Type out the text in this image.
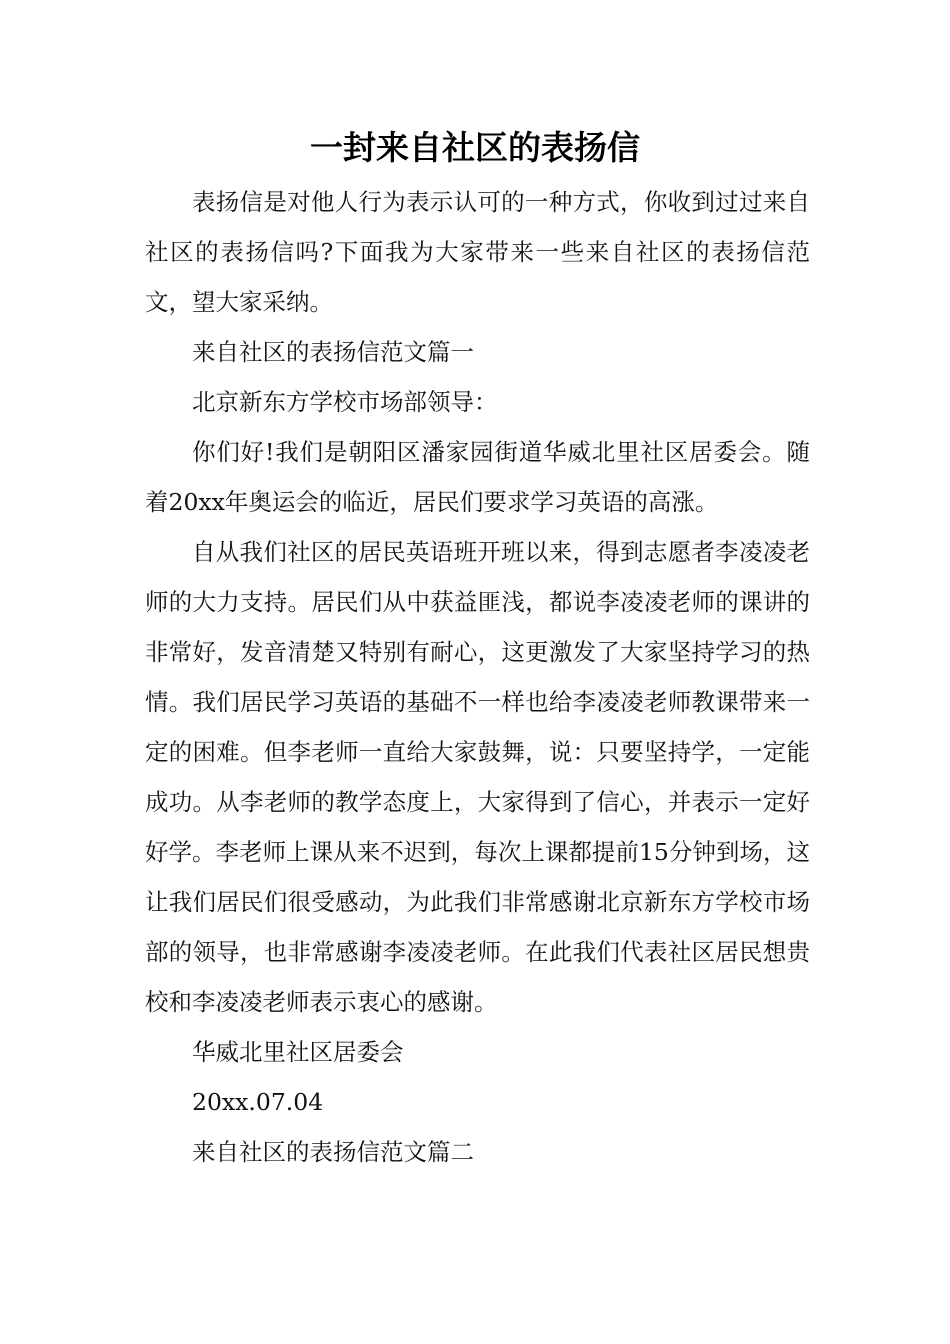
一封来自社区的表扬信

表扬信是对他人行为表示认可的一种方式，你收到过过来自社区的表扬信吗?下面我为大家带来一些来自社区的表扬信范文，望大家采纳。

来自社区的表扬信范文篇一

北京新东方学校市场部领导：

你们好!我们是朝阳区潘家园街道华威北里社区居委会。随着20xx年奥运会的临近，居民们要求学习英语的高涨。

自从我们社区的居民英语班开班以来，得到志愿者李凌凌老师的大力支持。居民们从中获益匪浅，都说李凌凌老师的课讲的非常好，发音清楚又特别有耐心，这更激发了大家坚持学习的热情。我们居民学习英语的基础不一样也给李凌凌老师教课带来一定的困难。但李老师一直给大家鼓舞，说：只要坚持学，一定能成功。从李老师的教学态度上，大家得到了信心，并表示一定好好学。李老师上课从来不迟到，每次上课都提前15分钟到场，这让我们居民们很受感动，为此我们非常感谢北京新东方学校市场部的领导，也非常感谢李凌凌老师。在此我们代表社区居民想贵校和李凌凌老师表示衷心的感谢。

华威北里社区居委会

20xx.07.04

来自社区的表扬信范文篇二
